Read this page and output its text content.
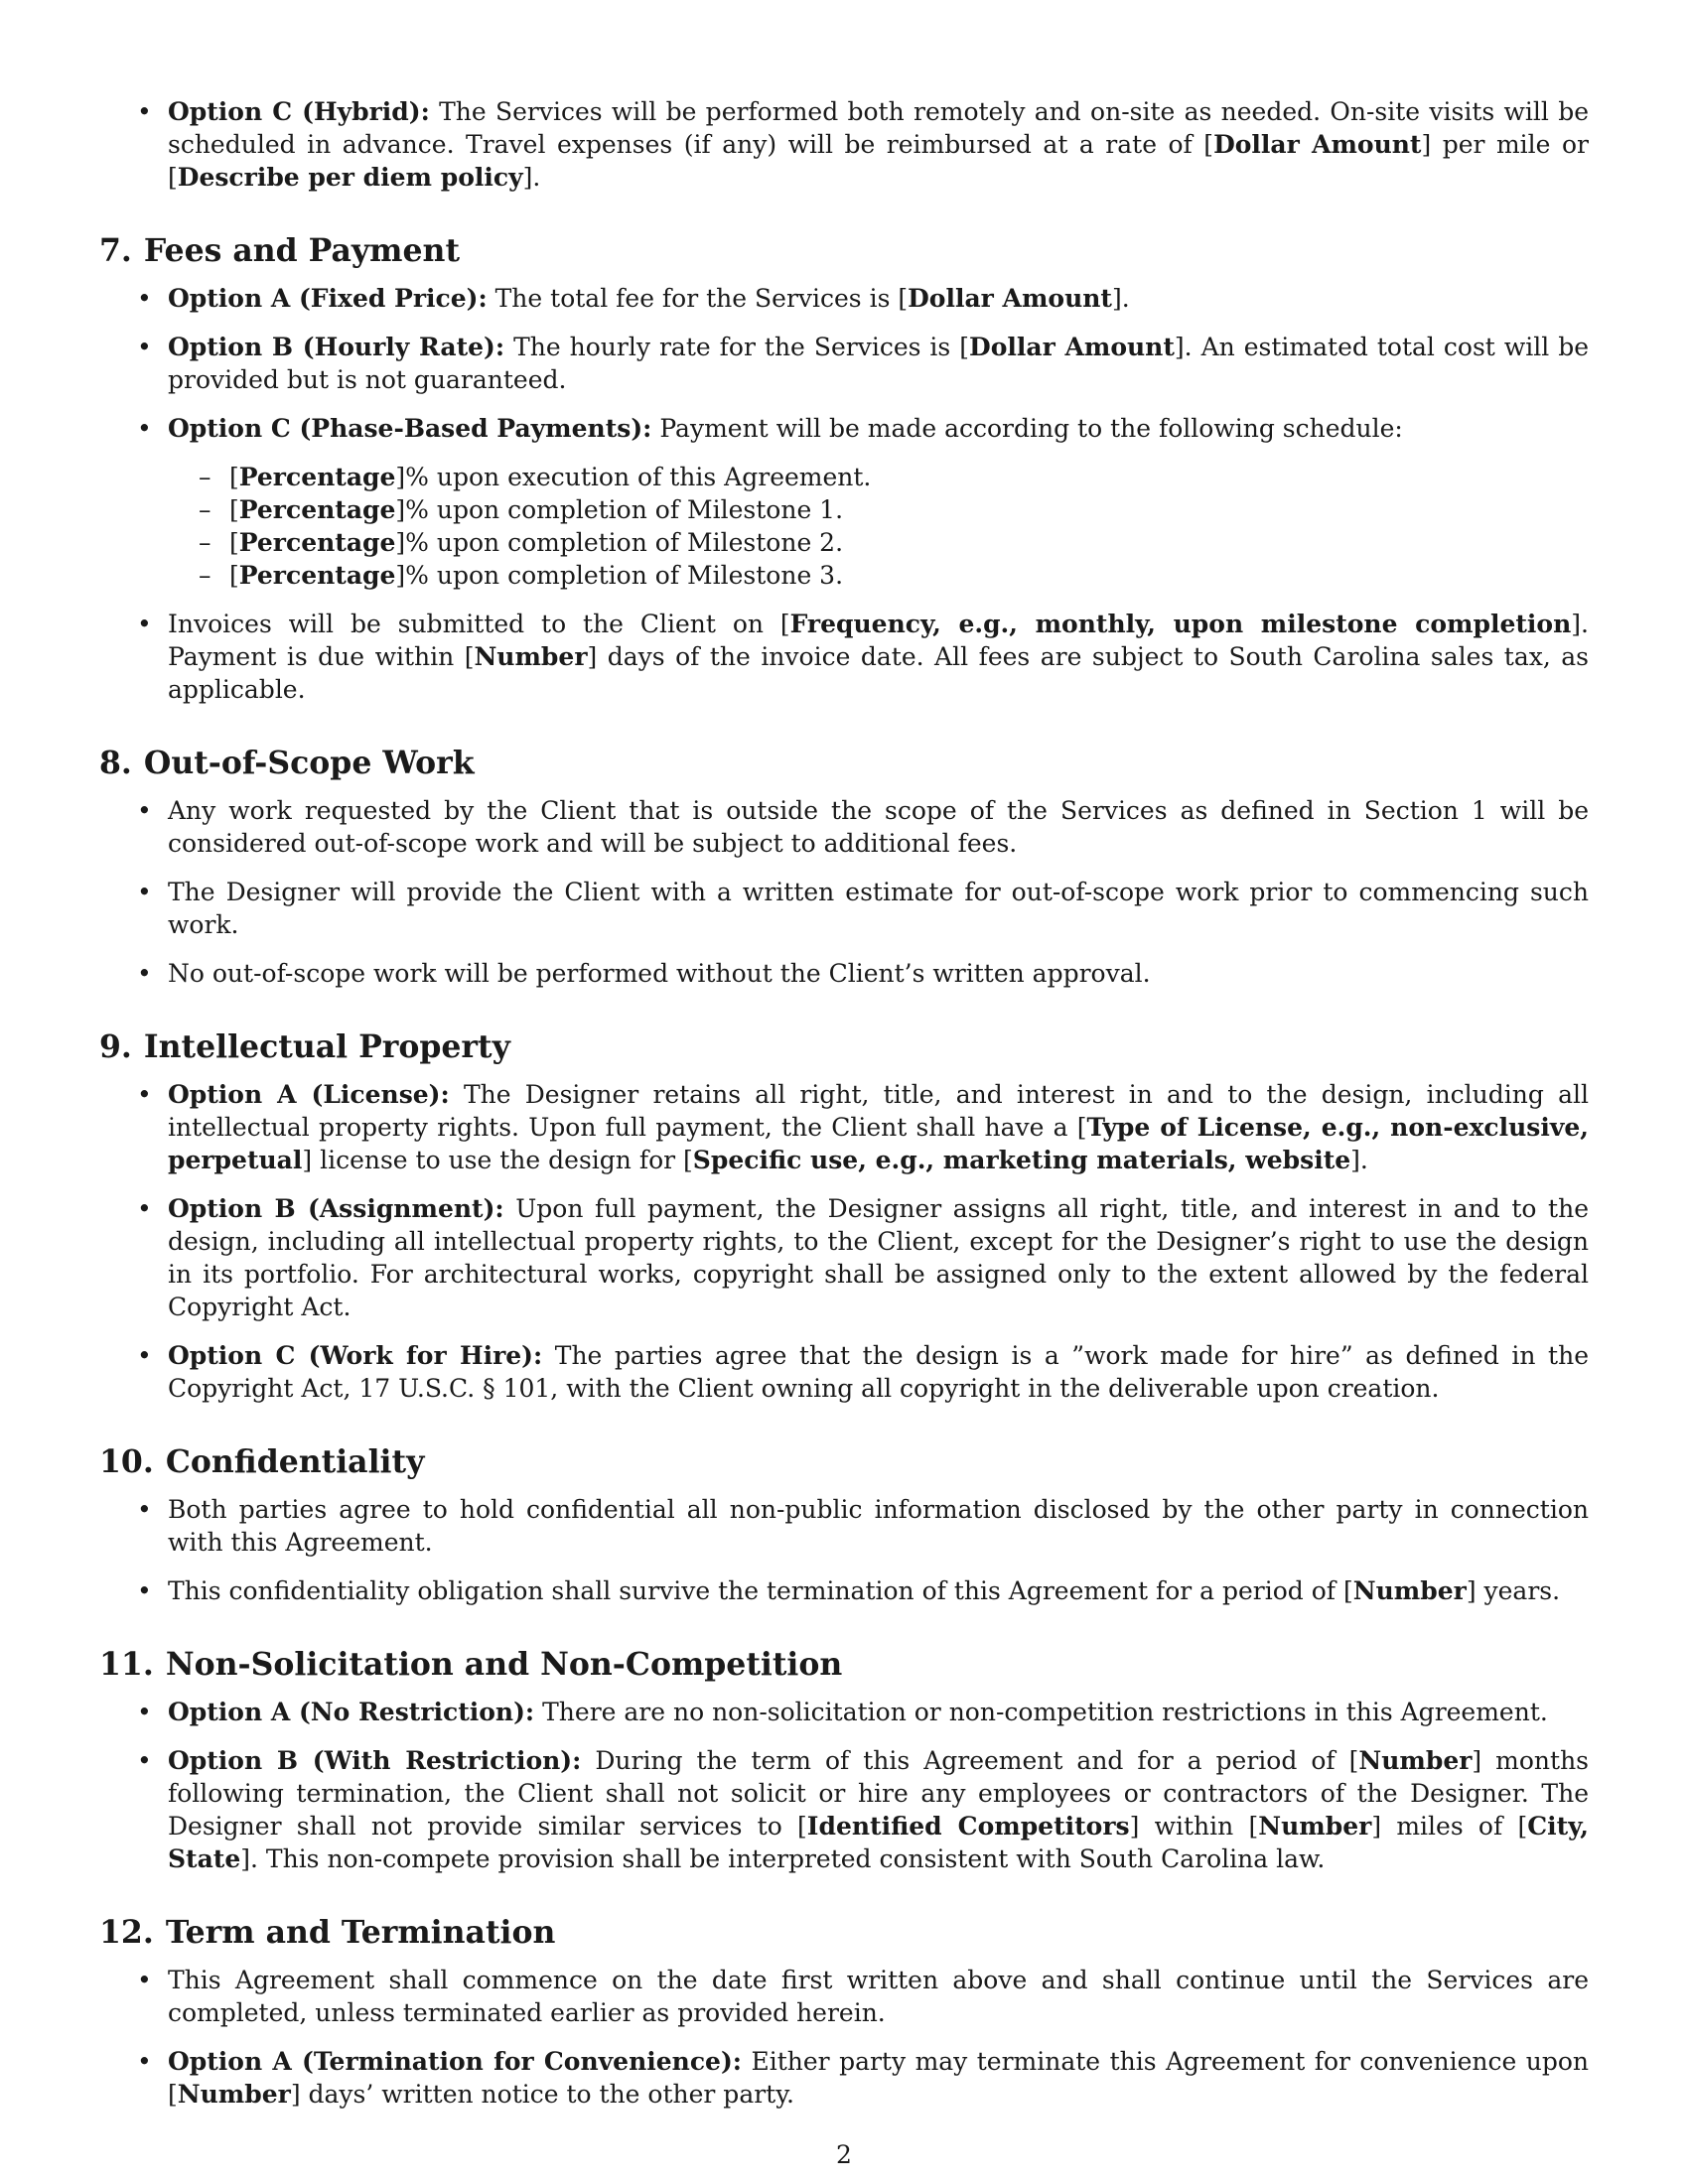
• Option C (Hybrid): The Services will be performed both remotely and on-site as needed. On-site visits will be scheduled in advance. Travel expenses (if any) will be reimbursed at a rate of [Dollar Amount] per mile or [Describe per diem policy].
7. Fees and Payment
• Option A (Fixed Price): The total fee for the Services is [Dollar Amount].
• Option B (Hourly Rate): The hourly rate for the Services is [Dollar Amount]. An estimated total cost will be provided but is not guaranteed.
• Option C (Phase-Based Payments): Payment will be made according to the following schedule:
– [Percentage]% upon execution of this Agreement.
– [Percentage]% upon completion of Milestone 1.
– [Percentage]% upon completion of Milestone 2.
– [Percentage]% upon completion of Milestone 3.
• Invoices will be submitted to the Client on [Frequency, e.g., monthly, upon milestone completion]. Payment is due within [Number] days of the invoice date. All fees are subject to South Carolina sales tax, as applicable.
8. Out-of-Scope Work
• Any work requested by the Client that is outside the scope of the Services as defined in Section 1 will be considered out-of-scope work and will be subject to additional fees.
• The Designer will provide the Client with a written estimate for out-of-scope work prior to commencing such work.
• No out-of-scope work will be performed without the Client’s written approval.
9. Intellectual Property
• Option A (License): The Designer retains all right, title, and interest in and to the design, including all intellectual property rights. Upon full payment, the Client shall have a [Type of License, e.g., non-exclusive, perpetual] license to use the design for [Specific use, e.g., marketing materials, website].
• Option B (Assignment): Upon full payment, the Designer assigns all right, title, and interest in and to the design, including all intellectual property rights, to the Client, except for the Designer’s right to use the design in its portfolio. For architectural works, copyright shall be assigned only to the extent allowed by the federal Copyright Act.
• Option C (Work for Hire): The parties agree that the design is a ”work made for hire” as defined in the Copyright Act, 17 U.S.C. § 101, with the Client owning all copyright in the deliverable upon creation.
10. Confidentiality
• Both parties agree to hold confidential all non-public information disclosed by the other party in connection with this Agreement.
• This confidentiality obligation shall survive the termination of this Agreement for a period of [Number] years.
11. Non-Solicitation and Non-Competition
• Option A (No Restriction): There are no non-solicitation or non-competition restrictions in this Agreement.
• Option B (With Restriction): During the term of this Agreement and for a period of [Number] months following termination, the Client shall not solicit or hire any employees or contractors of the Designer. The Designer shall not provide similar services to [Identified Competitors] within [Number] miles of [City, State]. This non-compete provision shall be interpreted consistent with South Carolina law.
12. Term and Termination
• This Agreement shall commence on the date first written above and shall continue until the Services are completed, unless terminated earlier as provided herein.
• Option A (Termination for Convenience): Either party may terminate this Agreement for convenience upon [Number] days’ written notice to the other party.
2
